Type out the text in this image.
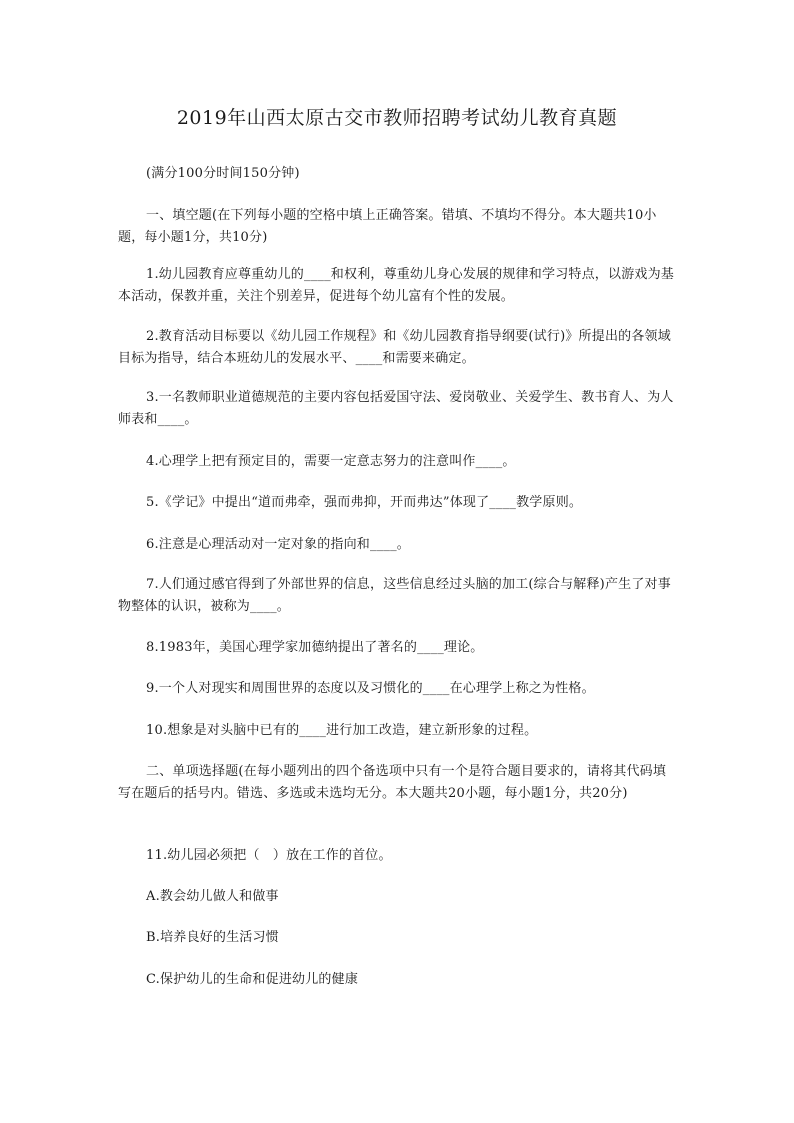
2019年山西太原古交市教师招聘考试幼儿教育真题
(满分100分时间150分钟)
一、填空题(在下列每小题的空格中填上正确答案。错填、不填均不得分。本大题共10小题，每小题1分，共10分)
1.幼儿园教育应尊重幼儿的____和权利，尊重幼儿身心发展的规律和学习特点，以游戏为基本活动，保教并重，关注个别差异，促进每个幼儿富有个性的发展。
2.教育活动目标要以《幼儿园工作规程》和《幼儿园教育指导纲要(试行)》所提出的各领域目标为指导，结合本班幼儿的发展水平、____和需要来确定。
3.一名教师职业道德规范的主要内容包括爱国守法、爱岗敬业、关爱学生、教书育人、为人师表和____。
4.心理学上把有预定目的，需要一定意志努力的注意叫作____。
5.《学记》中提出“道而弗牵，强而弗抑，开而弗达”体现了____教学原则。
6.注意是心理活动对一定对象的指向和____。
7.人们通过感官得到了外部世界的信息，这些信息经过头脑的加工(综合与解释)产生了对事物整体的认识，被称为____。
8.1983年，美国心理学家加德纳提出了著名的____理论。
9.一个人对现实和周围世界的态度以及习惯化的____在心理学上称之为性格。
10.想象是对头脑中已有的____进行加工改造，建立新形象的过程。
二、单项选择题(在每小题列出的四个备选项中只有一个是符合题目要求的，请将其代码填写在题后的括号内。错选、多选或未选均无分。本大题共20小题，每小题1分，共20分)
11.幼儿园必须把（　）放在工作的首位。
A.教会幼儿做人和做事
B.培养良好的生活习惯
C.保护幼儿的生命和促进幼儿的健康
